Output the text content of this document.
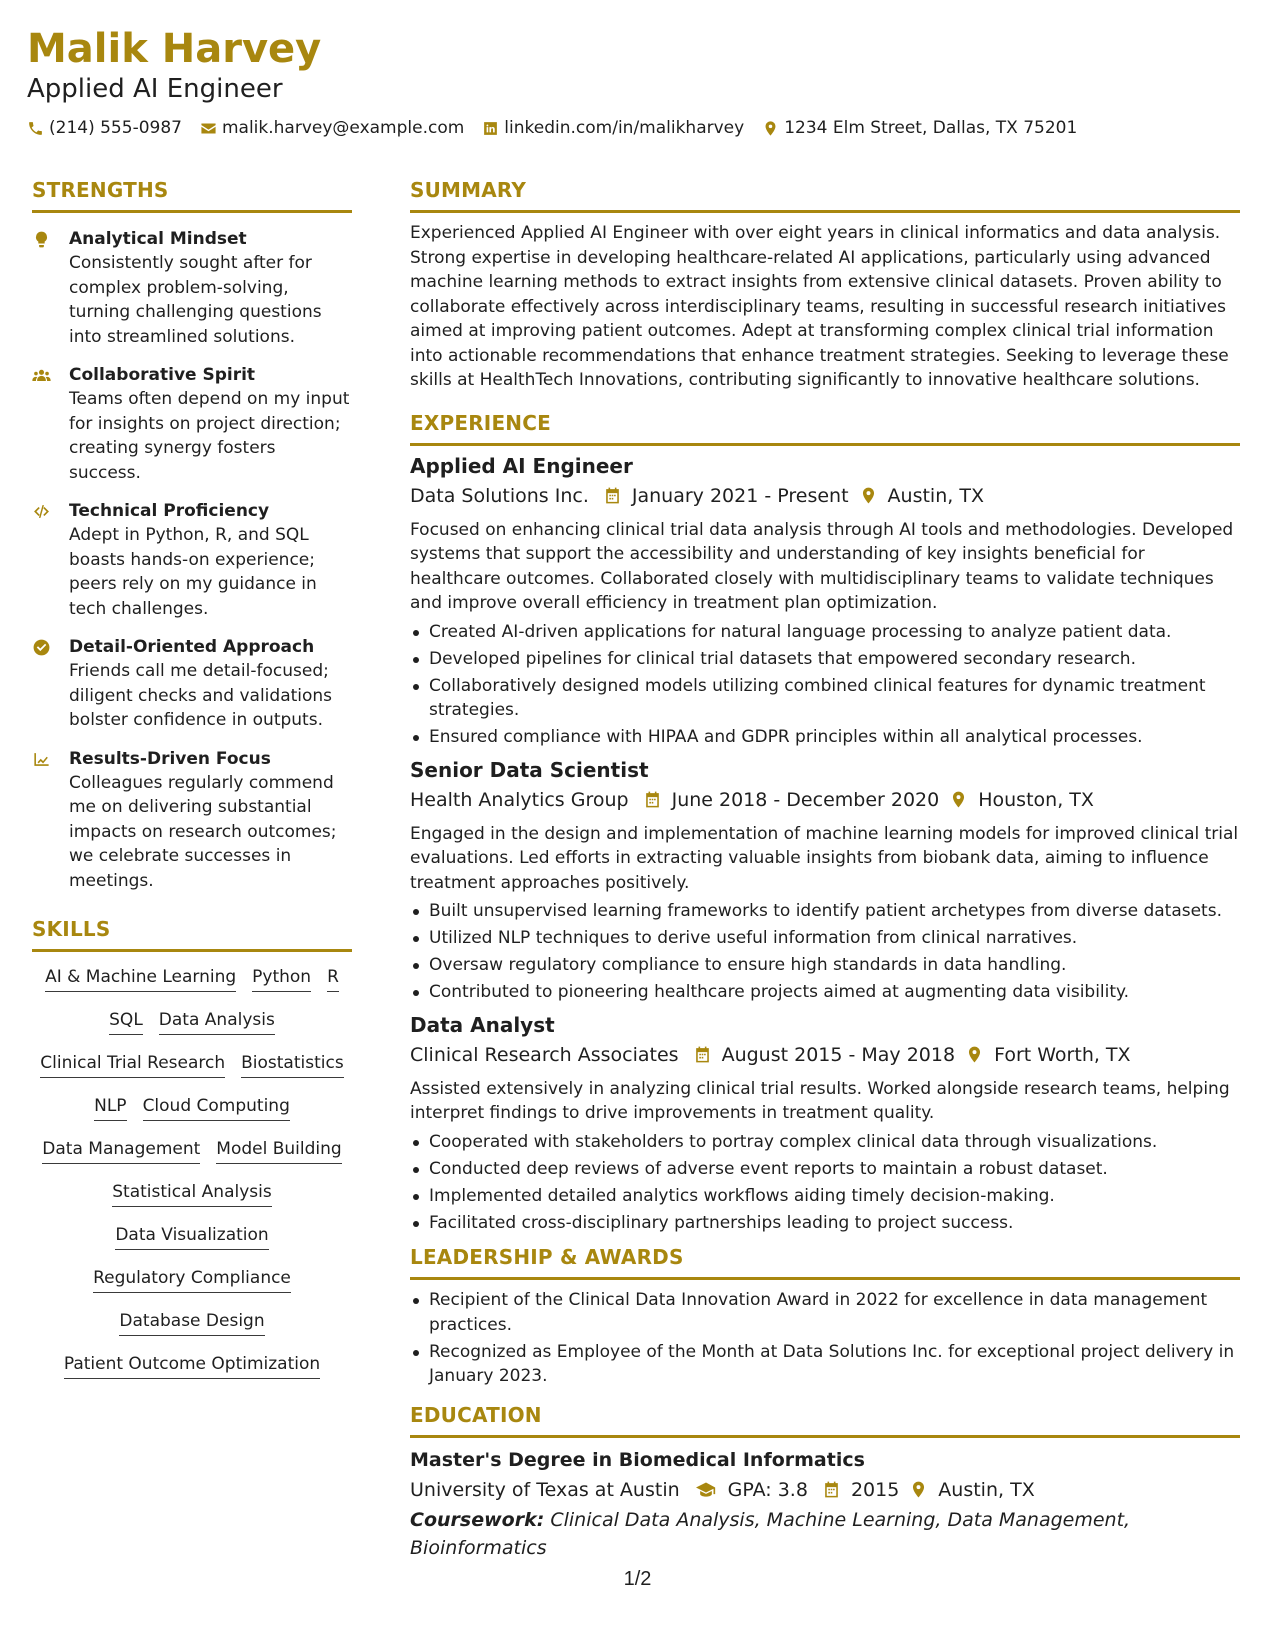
Malik Harvey
Applied AI Engineer
(214) 555-0987 malik.harvey@example.com linkedin.com/in/malikharvey 1234 Elm Street, Dallas, TX 75201
STRENGTHS
Analytical Mindset
Consistently sought after for complex problem-solving, turning challenging questions into streamlined solutions.
Collaborative Spirit
Teams often depend on my input for insights on project direction; creating synergy fosters success.
Technical Proficiency
Adept in Python, R, and SQL boasts hands-on experience; peers rely on my guidance in tech challenges.
Detail-Oriented Approach
Friends call me detail-focused; diligent checks and validations bolster confidence in outputs.
Results-Driven Focus
Colleagues regularly commend me on delivering substantial impacts on research outcomes; we celebrate successes in meetings.
SKILLS
AI & Machine Learning Python R
SQL Data Analysis
Clinical Trial Research Biostatistics
NLP Cloud Computing
Data Management Model Building
Statistical Analysis
Data Visualization
Regulatory Compliance
Database Design
Patient Outcome Optimization
SUMMARY
Experienced Applied AI Engineer with over eight years in clinical informatics and data analysis. Strong expertise in developing healthcare-related AI applications, particularly using advanced machine learning methods to extract insights from extensive clinical datasets. Proven ability to collaborate effectively across interdisciplinary teams, resulting in successful research initiatives aimed at improving patient outcomes. Adept at transforming complex clinical trial information into actionable recommendations that enhance treatment strategies. Seeking to leverage these skills at HealthTech Innovations, contributing significantly to innovative healthcare solutions.
EXPERIENCE
Applied AI Engineer
Data Solutions Inc. January 2021 - Present Austin, TX
Focused on enhancing clinical trial data analysis through AI tools and methodologies. Developed systems that support the accessibility and understanding of key insights beneficial for healthcare outcomes. Collaborated closely with multidisciplinary teams to validate techniques and improve overall efficiency in treatment plan optimization.
Created AI-driven applications for natural language processing to analyze patient data.
Developed pipelines for clinical trial datasets that empowered secondary research.
Collaboratively designed models utilizing combined clinical features for dynamic treatment strategies.
Ensured compliance with HIPAA and GDPR principles within all analytical processes.
Senior Data Scientist
Health Analytics Group June 2018 - December 2020 Houston, TX
Engaged in the design and implementation of machine learning models for improved clinical trial evaluations. Led efforts in extracting valuable insights from biobank data, aiming to influence treatment approaches positively.
Built unsupervised learning frameworks to identify patient archetypes from diverse datasets.
Utilized NLP techniques to derive useful information from clinical narratives.
Oversaw regulatory compliance to ensure high standards in data handling.
Contributed to pioneering healthcare projects aimed at augmenting data visibility.
Data Analyst
Clinical Research Associates August 2015 - May 2018 Fort Worth, TX
Assisted extensively in analyzing clinical trial results. Worked alongside research teams, helping interpret findings to drive improvements in treatment quality.
Cooperated with stakeholders to portray complex clinical data through visualizations.
Conducted deep reviews of adverse event reports to maintain a robust dataset.
Implemented detailed analytics workflows aiding timely decision-making.
Facilitated cross-disciplinary partnerships leading to project success.
LEADERSHIP & AWARDS
Recipient of the Clinical Data Innovation Award in 2022 for excellence in data management practices.
Recognized as Employee of the Month at Data Solutions Inc. for exceptional project delivery in January 2023.
EDUCATION
Master's Degree in Biomedical Informatics
University of Texas at Austin	GPA: 3.8 2015 Austin, TX
Coursework: Clinical Data Analysis, Machine Learning, Data Management, Bioinformatics
1/2
